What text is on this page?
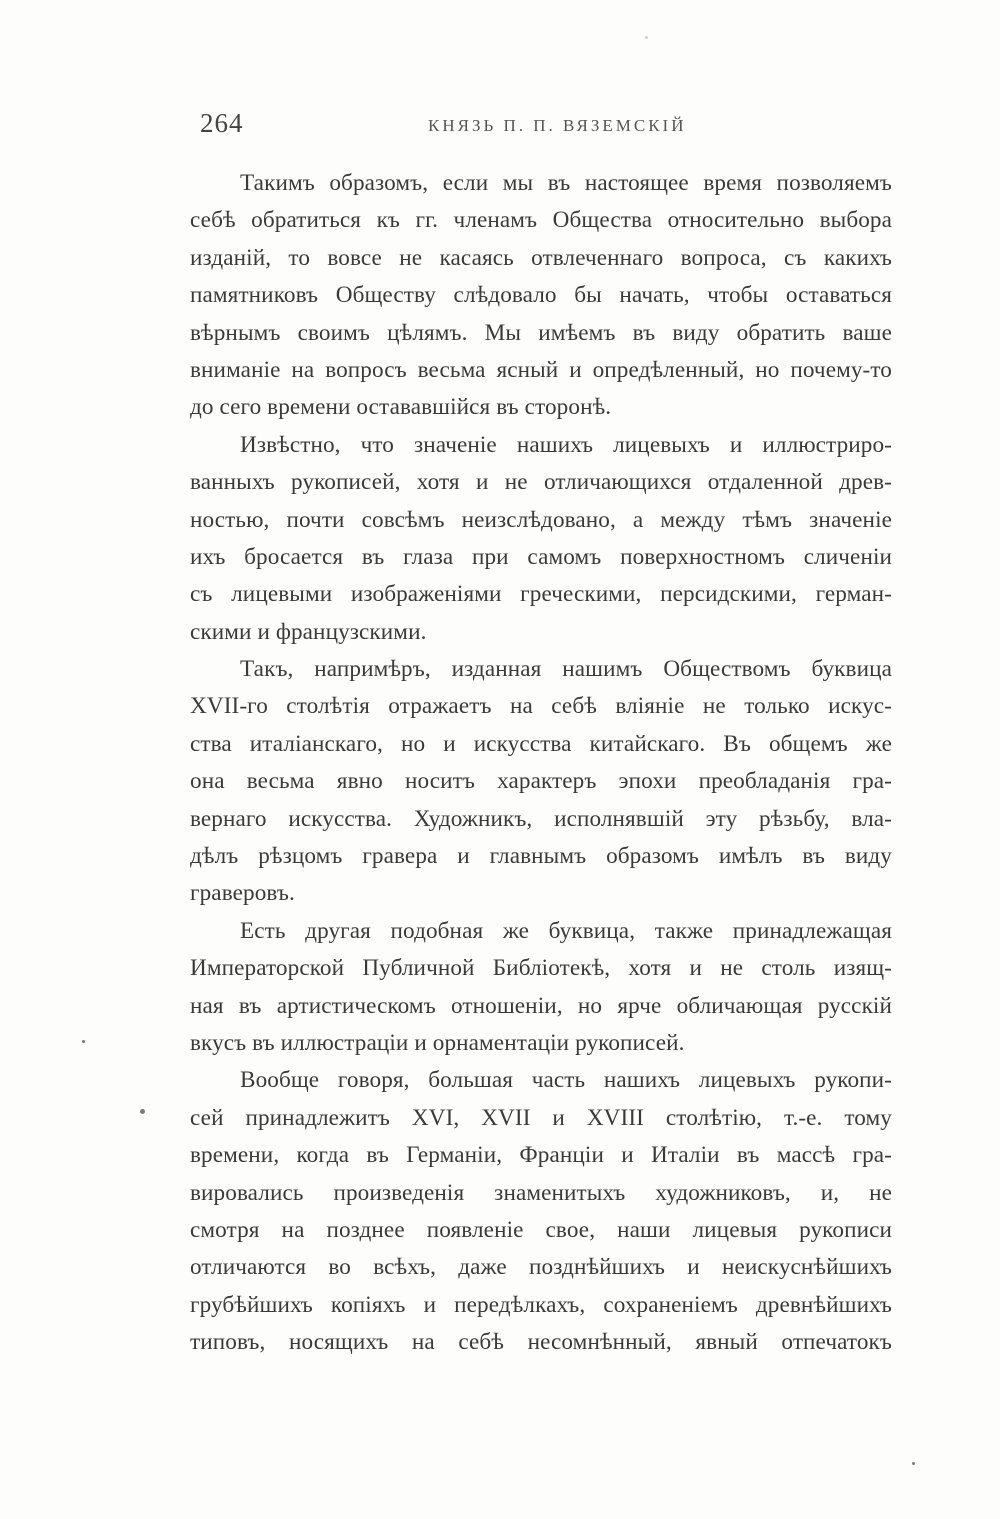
264	КНЯЗЬ П. П. ВЯЗЕМСКIЙ
Такимъ образомъ, если мы въ настоящее время позволяемъ
себѣ обратиться къ гг. членамъ Общества относительно выбора
изданій, то вовсе не касаясь отвлеченнаго вопроса, съ какихъ
памятниковъ Обществу слѣдовало бы начать, чтобы оставаться
вѣрнымъ своимъ цѣлямъ. Мы имѣемъ въ виду обратить ваше
вниманіе на вопросъ весьма ясный и опредѣленный, но почему-то
до сего времени остававшійся въ сторонѣ.
Извѣстно, что значеніе нашихъ лицевыхъ и иллюстриро-
ванныхъ рукописей, хотя и не отличающихся отдаленной древ-
ностью, почти совсѣмъ неизслѣдовано, а между тѣмъ значеніе
ихъ бросается въ глаза при самомъ поверхностномъ сличеніи
съ лицевыми изображеніями греческими, персидскими, герман-
скими и французскими.
Такъ, напримѣръ, изданная нашимъ Обществомъ буквица
XVII-го столѣтія отражаетъ на себѣ вліяніе не только искус-
ства италіанскаго, но и искусства китайскаго. Въ общемъ же
она весьма явно носитъ характеръ эпохи преобладанія гра-
вернаго искусства. Художникъ, исполнявшій эту рѣзьбу, вла-
дѣлъ рѣзцомъ гравера и главнымъ образомъ имѣлъ въ виду
граверовъ.
Есть другая подобная же буквица, также принадлежащая
Императорской Публичной Библіотекѣ, хотя и не столь изящ-
ная въ артистическомъ отношеніи, но ярче обличающая русскій
вкусъ въ иллюстраціи и орнаментаціи рукописей.
Вообще говоря, большая часть нашихъ лицевыхъ рукопи-
сей принадлежитъ XVI, XVII и XVIII столѣтію, т.-е. тому
времени, когда въ Германіи, Франціи и Италіи въ массѣ гра-
вировались произведенія знаменитыхъ художниковъ, и, не
смотря на позднее появленіе свое, наши лицевыя рукописи
отличаются во всѣхъ, даже позднѣйшихъ и неискуснѣйшихъ
грубѣйшихъ копіяхъ и передѣлкахъ, сохраненіемъ древнѣйшихъ
типовъ, носящихъ на себѣ несомнѣнный, явный отпечатокъ
